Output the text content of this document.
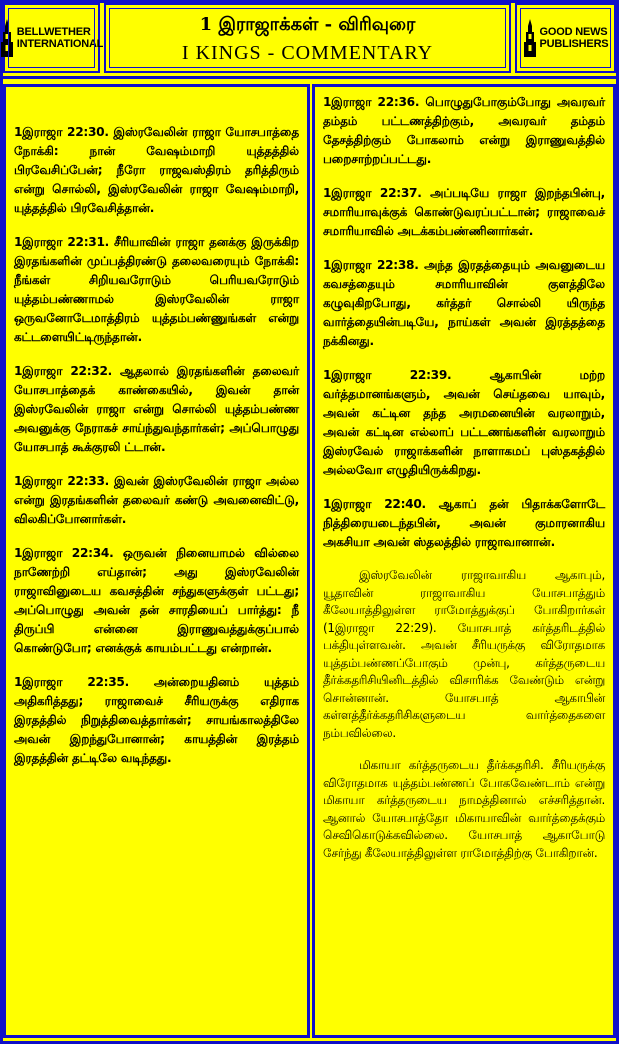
BELLWETHER
INTERNATIONAL
1 இராஜாக்கள் - விரிவுரை
I KINGS - COMMENTARY
GOOD NEWS
PUBLISHERS

1இராஜா 22:30. இஸ்ரவேலின் ராஜா யோசபாத்தை நோக்கி: நான் வேஷம்மாறி யுத்தத்தில் பிரவேசிப்பேன்; நீரோ ராஜவஸ்திரம் தரித்திரும் என்று சொல்லி, இஸ்ரவேலின் ராஜா வேஷம்மாறி, யுத்தத்தில் பிரவேசித்தான்.

1இராஜா 22:31. சீரியாவின் ராஜா தனக்கு இருக்கிற இரதங்களின் முப்பத்திரண்டு தலைவரையும் நோக்கி: நீங்கள் சிறியவரோடும் பெரியவரோடும் யுத்தம்பண்ணாமல் இஸ்ரவேலின் ராஜா ஒருவனோடேமாத்திரம் யுத்தம்பண்ணுங்கள் என்று கட்டளையிட்டிருந்தான்.

1இராஜா 22:32. ஆதலால் இரதங்களின் தலைவர் யோசபாத்தைக் காண்கையில், இவன் தான் இஸ்ரவேலின் ராஜா என்று சொல்லி யுத்தம்பண்ண அவனுக்கு நேராகச் சாய்ந்துவந்தார்கள்; அப்பொழுது யோசபாத் கூக்குரலி ட்டான்.

1இராஜா 22:33. இவன் இஸ்ரவேலின் ராஜா அல்ல என்று இரதங்களின் தலைவர் கண்டு அவனைவிட்டு, விலகிப்போனார்கள்.

1இராஜா 22:34. ஒருவன் நினையாமல் வில்லை நாணேற்றி எய்தான்; அது இஸ்ரவேலின் ராஜாவினுடைய கவசத்தின் சந்துகளுக்குள் பட்டது; அப்பொழுது அவன் தன் சாரதியைப் பார்த்து: நீ திருப்பி என்னை இராணுவத்துக்குப்பால் கொண்டுபோ; எனக்குக் காயம்பட்டது என்றான்.

1இராஜா 22:35. அன்றையதினம் யுத்தம் அதிகரித்தது; ராஜாவைச் சீரியருக்கு எதிராக இரதத்தில் நிறுத்திவைத்தார்கள்; சாயங்காலத்திலே அவன் இறந்துபோனான்; காயத்தின் இரத்தம் இரதத்தின் தட்டிலே வடிந்தது.

1இராஜா 22:36. பொழுதுபோகும்போது அவரவர் தம்தம் பட்டணத்திற்கும், அவரவர் தம்தம் தேசத்திற்கும் போகலாம் என்று இராணுவத்தில் பறைசாற்றப்பட்டது.

1இராஜா 22:37. அப்படியே ராஜா இறந்தபின்பு, சமாரியாவுக்குக் கொண்டுவரப்பட்டான்; ராஜாவைச் சமாரியாவில் அடக்கம்பண்ணினார்கள்.

1இராஜா 22:38. அந்த இரதத்தையும் அவனுடைய கவசத்தையும் சமாரியாவின் குளத்திலே கழுவுகிறபோது, கர்த்தர் சொல்லி யிருந்த வார்த்தையின்படியே, நாய்கள் அவன் இரத்தத்தை நக்கினது.

1இராஜா 22:39. ஆகாபின் மற்ற வர்த்தமானங்களும், அவன் செய்தவை யாவும், அவன் கட்டின தந்த அரமனையின் வரலாறும், அவன் கட்டின எல்லாப் பட்டணங்களின் வரலாறும் இஸ்ரவேல் ராஜாக்களின் நாளாகமப் புஸ்தகத்தில் அல்லவோ எழுதியிருக்கிறது.

1இராஜா 22:40. ஆகாப் தன் பிதாக்களோடே நித்திரையடைந்தபின், அவன் குமாரனாகிய அகசியா அவன் ஸ்தலத்தில் ராஜாவானான்.

இஸ்ரவேலின் ராஜாவாகிய ஆகாபும், யூதாவின் ராஜாவாகிய யோசபாத்தும் கீலேயாத்திலுள்ள ராமோத்துக்குப் போகிறார்கள் (1இராஜா 22:29). யோசபாத் கர்த்தரிடத்தில் பக்தியுள்ளவன். அவன் சீரியருக்கு விரோதமாக யுத்தம்பண்ணப்போகும் முன்பு, கர்த்தருடைய தீர்க்கதரிசியினிடத்தில் விசாரிக்க வேண்டும் என்று சொன்னான். யோசபாத் ஆகாபின் கள்ளத்தீர்க்கதரிசிகளுடைய வார்த்தைகளை நம்பவில்லை.

மிகாயா கர்த்தருடைய தீர்க்கதரிசி. சீரியருக்கு விரோதமாக யுத்தம்பண்ணப் போகவேண்டாம் என்று மிகாயா கர்த்தருடைய நாமத்தினால் எச்சரித்தான். ஆனால் யோசபாத்தோ மிகாயாவின் வார்த்தைக்கும் செவிகொடுக்கவில்லை. யோசபாத் ஆகாபோடு சேர்ந்து கீலேயாத்திலுள்ள ராமோத்திற்கு போகிறான்.
